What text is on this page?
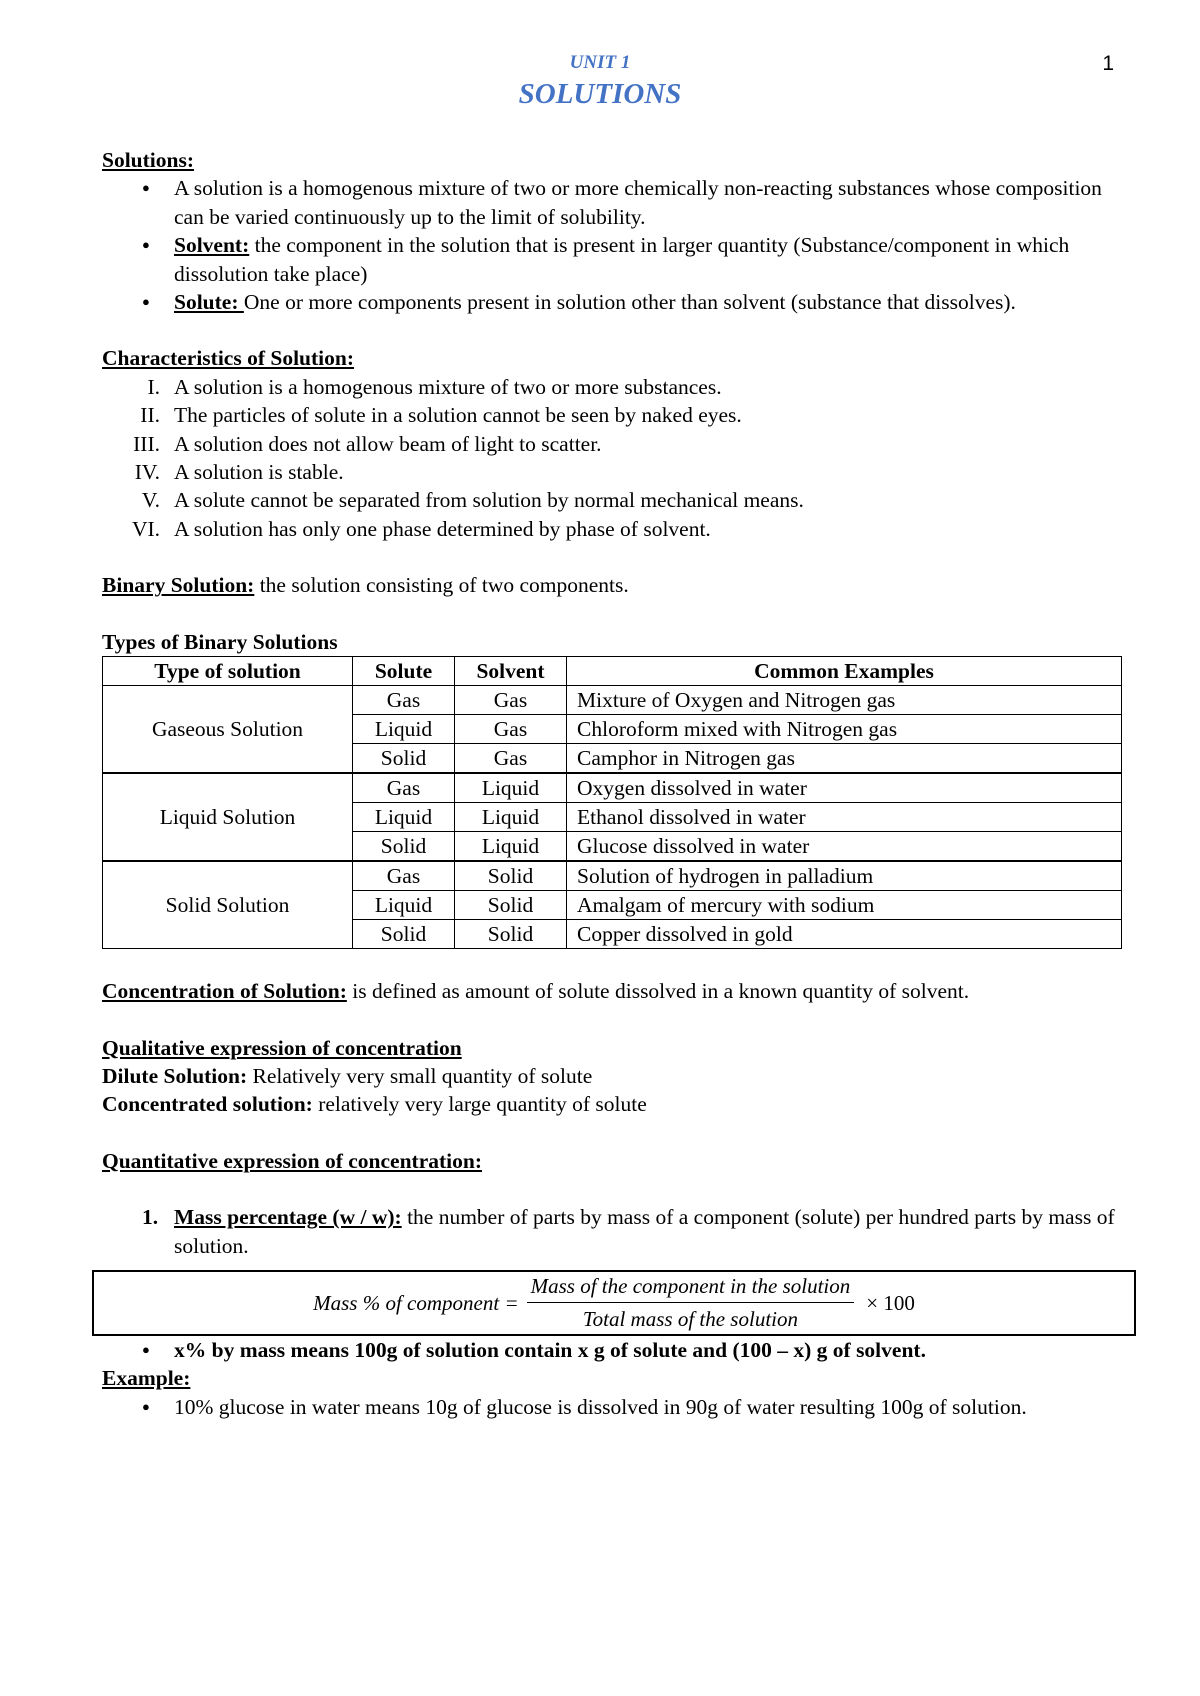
1
UNIT 1
SOLUTIONS

Solutions:

● A solution is a homogenous mixture of two or more chemically non-reacting substances whose composition can be varied continuously up to the limit of solubility.
● Solvent: the component in the solution that is present in larger quantity (Substance/component in which dissolution take place)
● Solute: One or more components present in solution other than solvent (substance that dissolves).

Characteristics of Solution:

I. A solution is a homogenous mixture of two or more substances.
II. The particles of solute in a solution cannot be seen by naked eyes.
III. A solution does not allow beam of light to scatter.
IV. A solution is stable.
V. A solute cannot be separated from solution by normal mechanical means.
VI. A solution has only one phase determined by phase of solvent.

Binary Solution: the solution consisting of two components.

Types of Binary Solutions

Type of solution	Solute	Solvent	Common Examples
Gaseous Solution	Gas	Gas	Mixture of Oxygen and Nitrogen gas
	Liquid	Gas	Chloroform mixed with Nitrogen gas
	Solid	Gas	Camphor in Nitrogen gas
Liquid Solution	Gas	Liquid	Oxygen dissolved in water
	Liquid	Liquid	Ethanol dissolved in water
	Solid	Liquid	Glucose dissolved in water
Solid Solution	Gas	Solid	Solution of hydrogen in palladium
	Liquid	Solid	Amalgam of mercury with sodium
	Solid	Solid	Copper dissolved in gold

Concentration of Solution: is defined as amount of solute dissolved in a known quantity of solvent.

Qualitative expression of concentration

Dilute Solution: Relatively very small quantity of solute

Concentrated solution: relatively very large quantity of solute

Quantitative expression of concentration:

1. Mass percentage (w / w): the number of parts by mass of a component (solute) per hundred parts by mass of solution.
Mass % of component = $\frac{\text{Mass of the component in the solution}}{\text{Total mass of the solution}} \times 100$
● x% by mass means 100g of solution contain x g of solute and (100 – x) g of solvent.

Example:

● 10% glucose in water means 10g of glucose is dissolved in 90g of water resulting 100g of solution.
